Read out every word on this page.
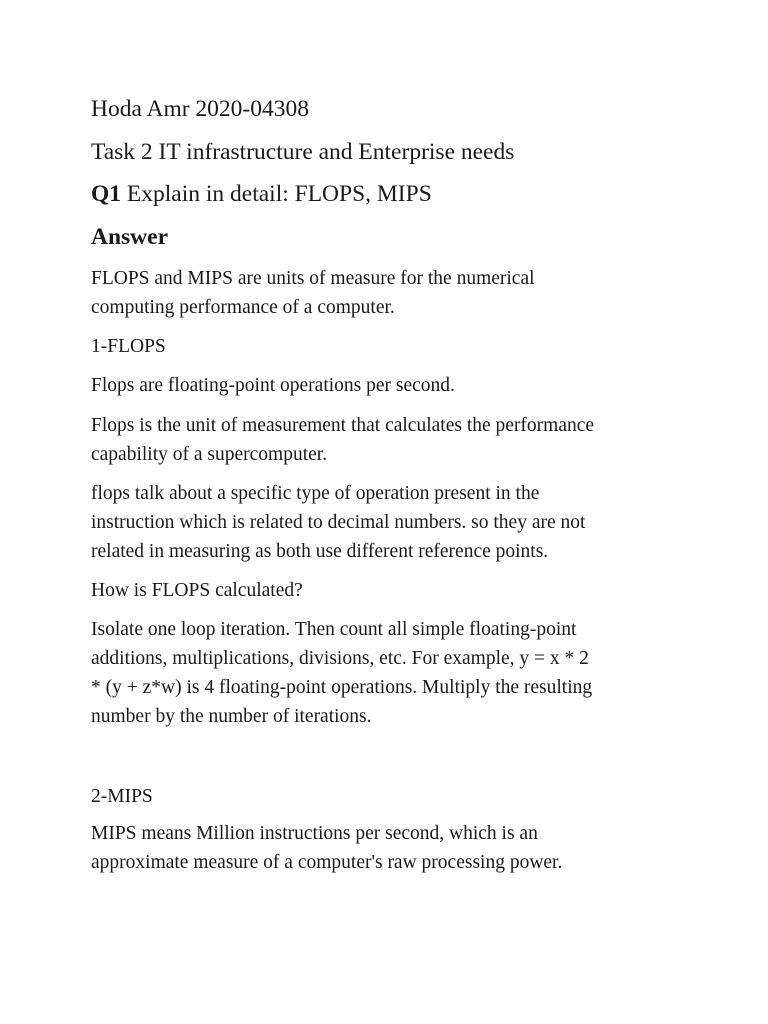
Hoda Amr 2020-04308

Task 2 IT infrastructure and Enterprise needs

Q1 Explain in detail: FLOPS, MIPS

Answer

FLOPS and MIPS are units of measure for the numerical

computing performance of a computer.

1-FLOPS

Flops are floating-point operations per second.

Flops is the unit of measurement that calculates the performance

capability of a supercomputer.

flops talk about a specific type of operation present in the

instruction which is related to decimal numbers. so they are not

related in measuring as both use different reference points.

How is FLOPS calculated?

Isolate one loop iteration. Then count all simple floating-point

additions, multiplications, divisions, etc. For example, y = x * 2

* (y + z*w) is 4 floating-point operations. Multiply the resulting

number by the number of iterations.

2-MIPS

MIPS means Million instructions per second, which is an

approximate measure of a computer's raw processing power.
